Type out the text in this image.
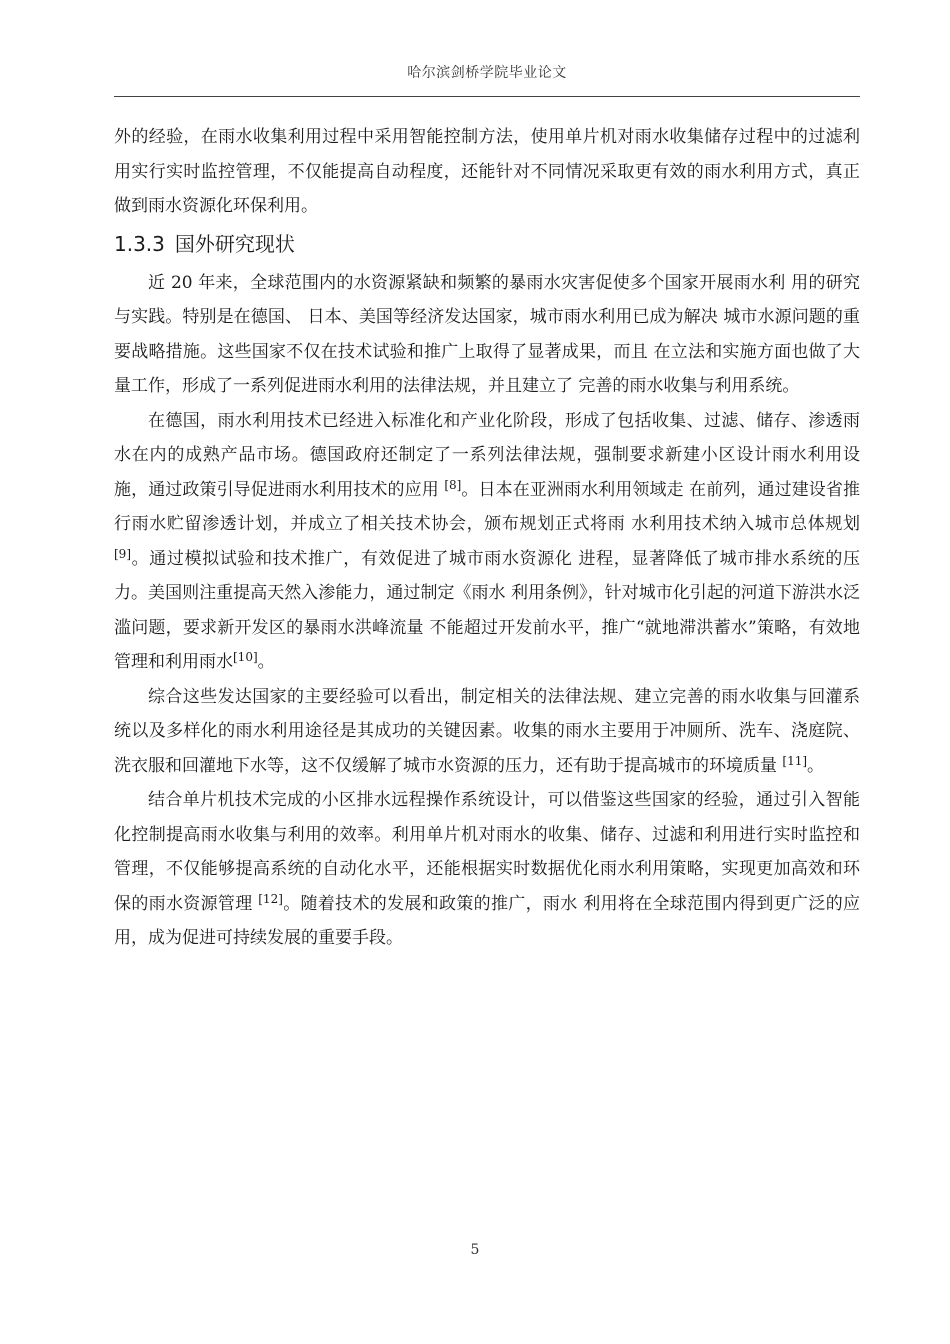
哈尔滨剑桥学院毕业论文

外的经验，在雨水收集利用过程中采用智能控制方法，使用单片机对雨水收集储存过程中的过滤利用实行实时监控管理，不仅能提高自动程度，还能针对不同情况采取更有效的雨水利用方式，真正做到雨水资源化环保利用。

1.3.3 国外研究现状

近 20 年来，全球范围内的水资源紧缺和频繁的暴雨水灾害促使多个国家开展雨水利 用的研究与实践。特别是在德国、 日本、美国等经济发达国家，城市雨水利用已成为解决 城市水源问题的重要战略措施。这些国家不仅在技术试验和推广上取得了显著成果，而且 在立法和实施方面也做了大量工作，形成了一系列促进雨水利用的法律法规，并且建立了 完善的雨水收集与利用系统。

在德国，雨水利用技术已经进入标准化和产业化阶段，形成了包括收集、过滤、储存、渗透雨水在内的成熟产品市场。德国政府还制定了一系列法律法规，强制要求新建小区设计雨水利用设施，通过政策引导促进雨水利用技术的应用 [8]。日本在亚洲雨水利用领域走 在前列，通过建设省推行雨水贮留渗透计划，并成立了相关技术协会，颁布规划正式将雨 水利用技术纳入城市总体规划 [9]。通过模拟试验和技术推广，有效促进了城市雨水资源化 进程，显著降低了城市排水系统的压力。美国则注重提高天然入渗能力，通过制定《雨水 利用条例》，针对城市化引起的河道下游洪水泛滥问题，要求新开发区的暴雨水洪峰流量 不能超过开发前水平，推广“就地滞洪蓄水”策略，有效地管理和利用雨水[10]。

综合这些发达国家的主要经验可以看出，制定相关的法律法规、建立完善的雨水收集与回灌系统以及多样化的雨水利用途径是其成功的关键因素。收集的雨水主要用于冲厕所、洗车、浇庭院、洗衣服和回灌地下水等，这不仅缓解了城市水资源的压力，还有助于提高城市的环境质量 [11]。

结合单片机技术完成的小区排水远程操作系统设计，可以借鉴这些国家的经验，通过引入智能化控制提高雨水收集与利用的效率。利用单片机对雨水的收集、储存、过滤和利用进行实时监控和管理，不仅能够提高系统的自动化水平，还能根据实时数据优化雨水利用策略，实现更加高效和环保的雨水资源管理 [12]。随着技术的发展和政策的推广，雨水 利用将在全球范围内得到更广泛的应用，成为促进可持续发展的重要手段。

5
